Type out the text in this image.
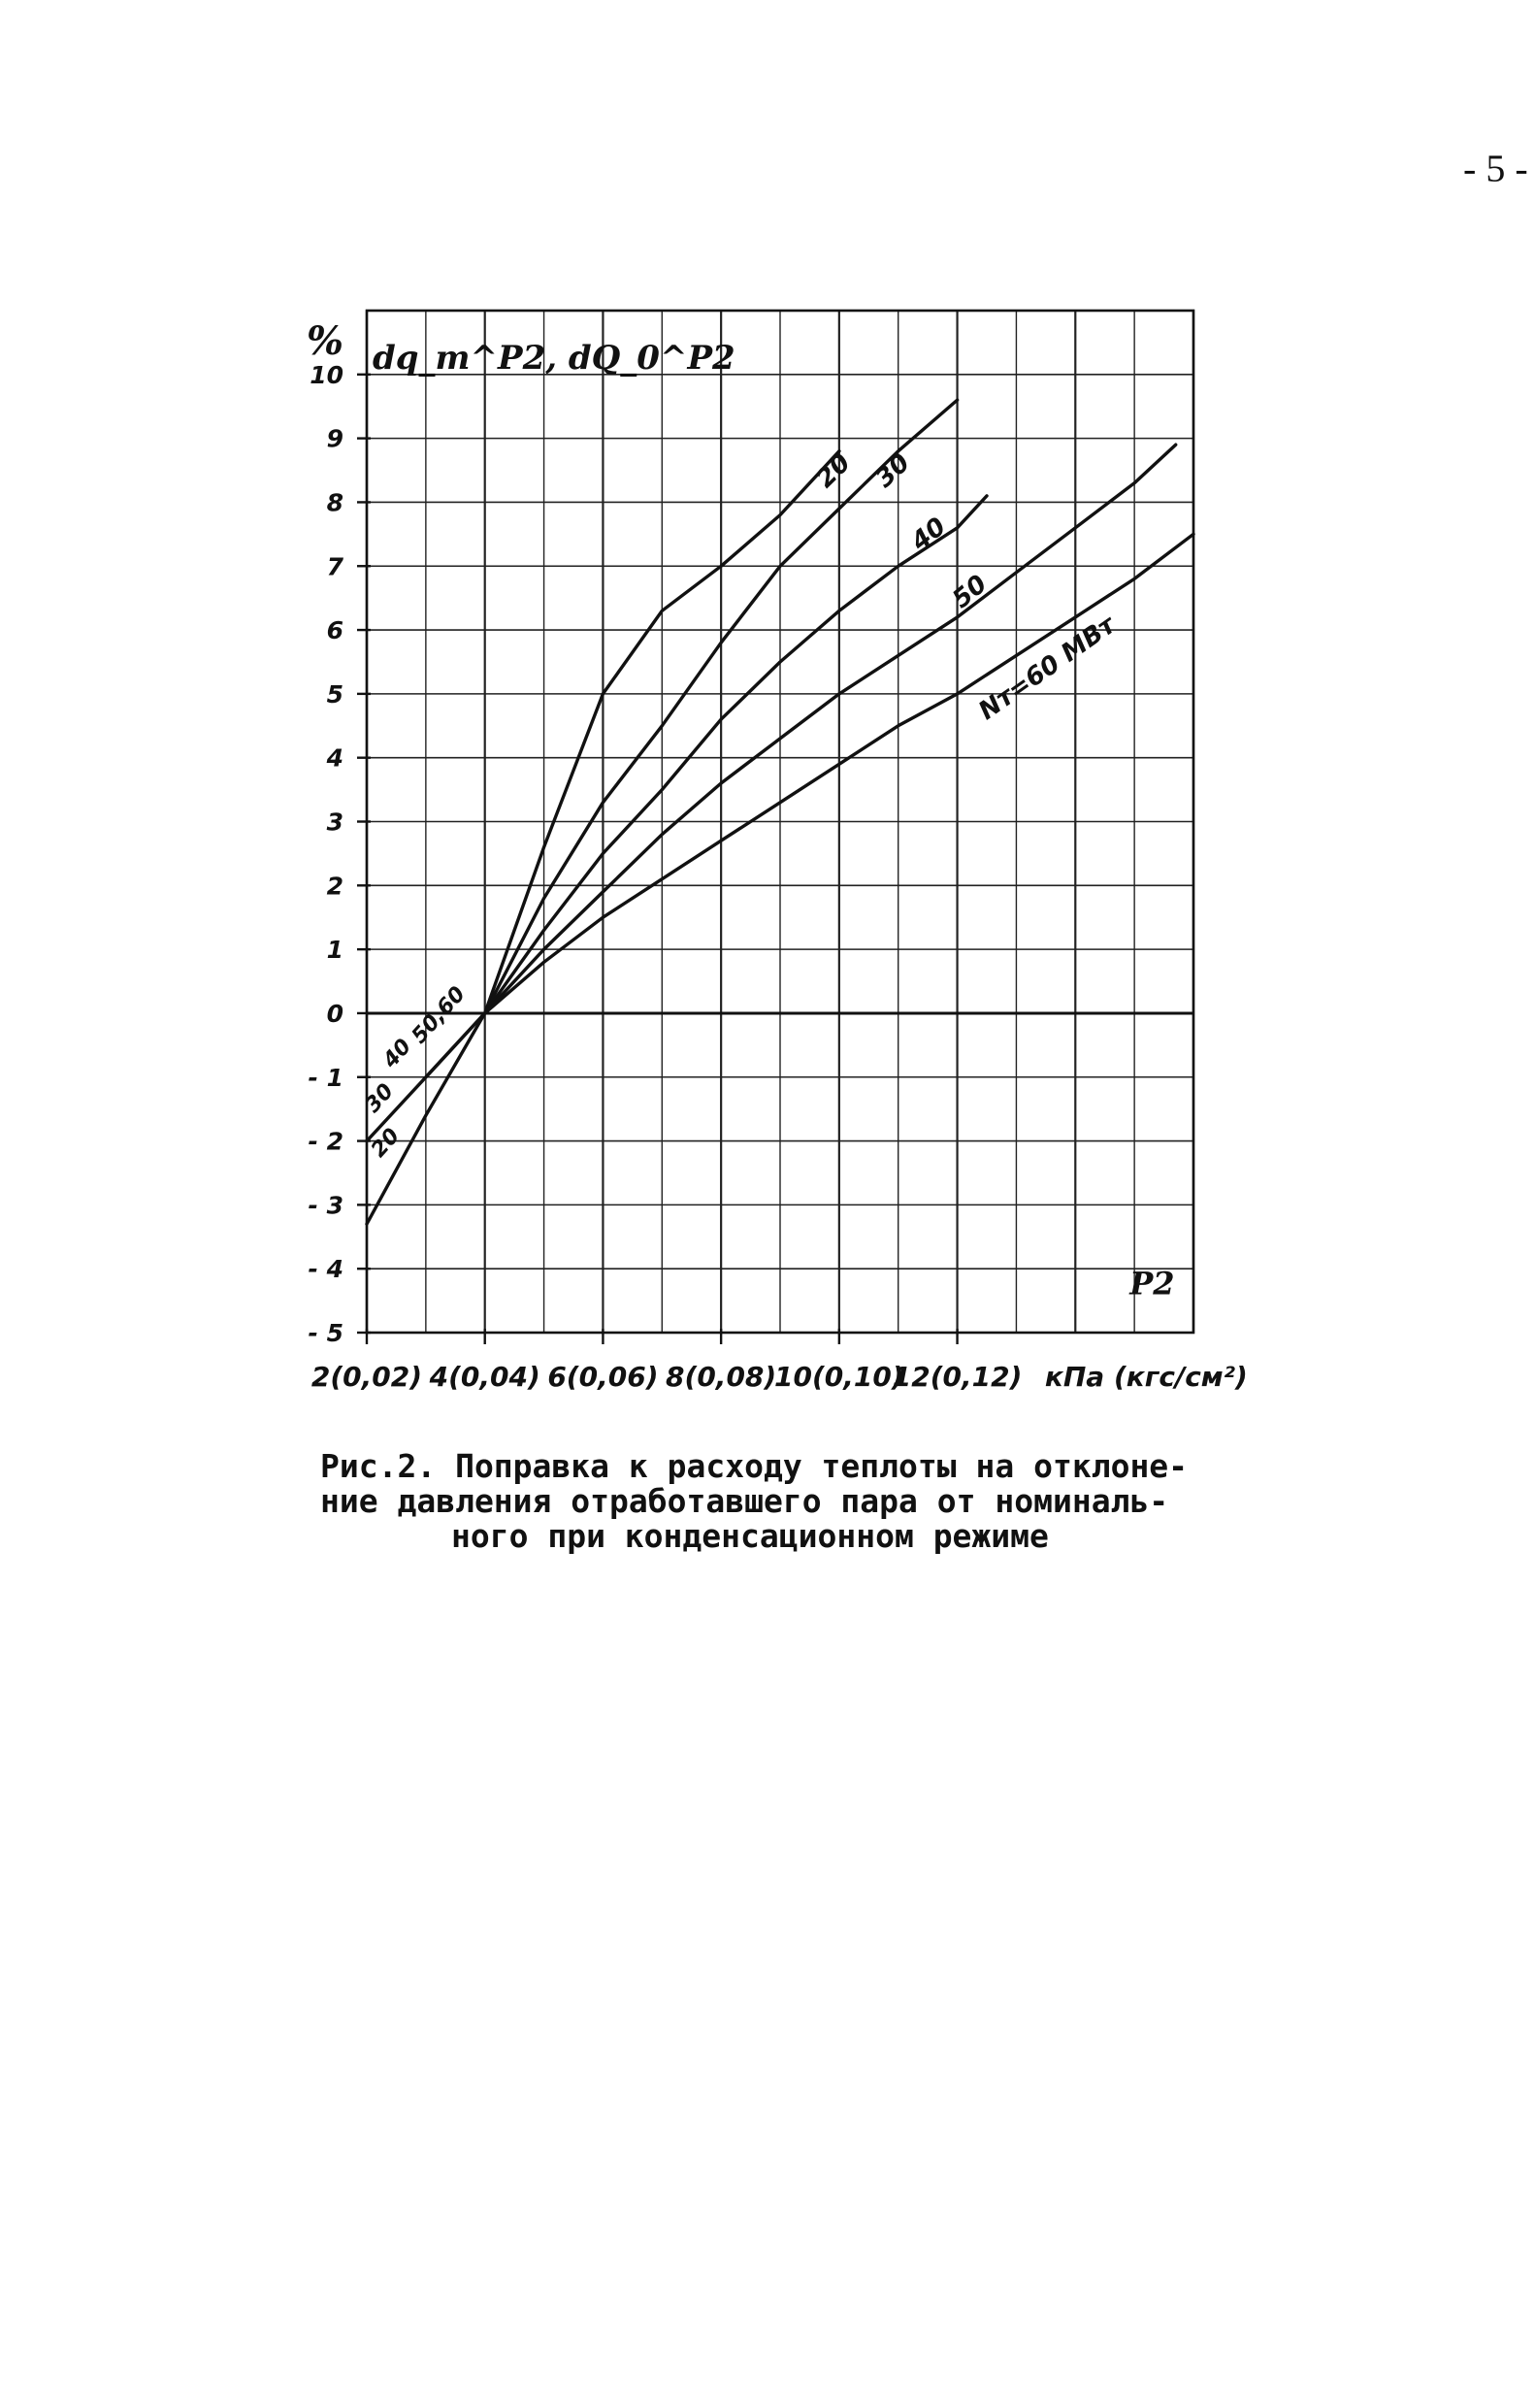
- 5 -
10
9
8
7
6
5
4
3
2
1
0
- 1
- 2
- 3
- 4
- 5
2(0,02) 4(0,04) 6(0,06) 8(0,08)
10(0,10)
12(0,12) кПа (кгс/см²)
P2
% dq_т^P2, dQ_0^P2
20 30
40
50
Nт=60 МВт
20
30
40
50,60
Рис.2. Поправка к расходу теплоты на отклоне-
ние давления отработавшего пара от номиналь-
ного при конденсационном режиме
